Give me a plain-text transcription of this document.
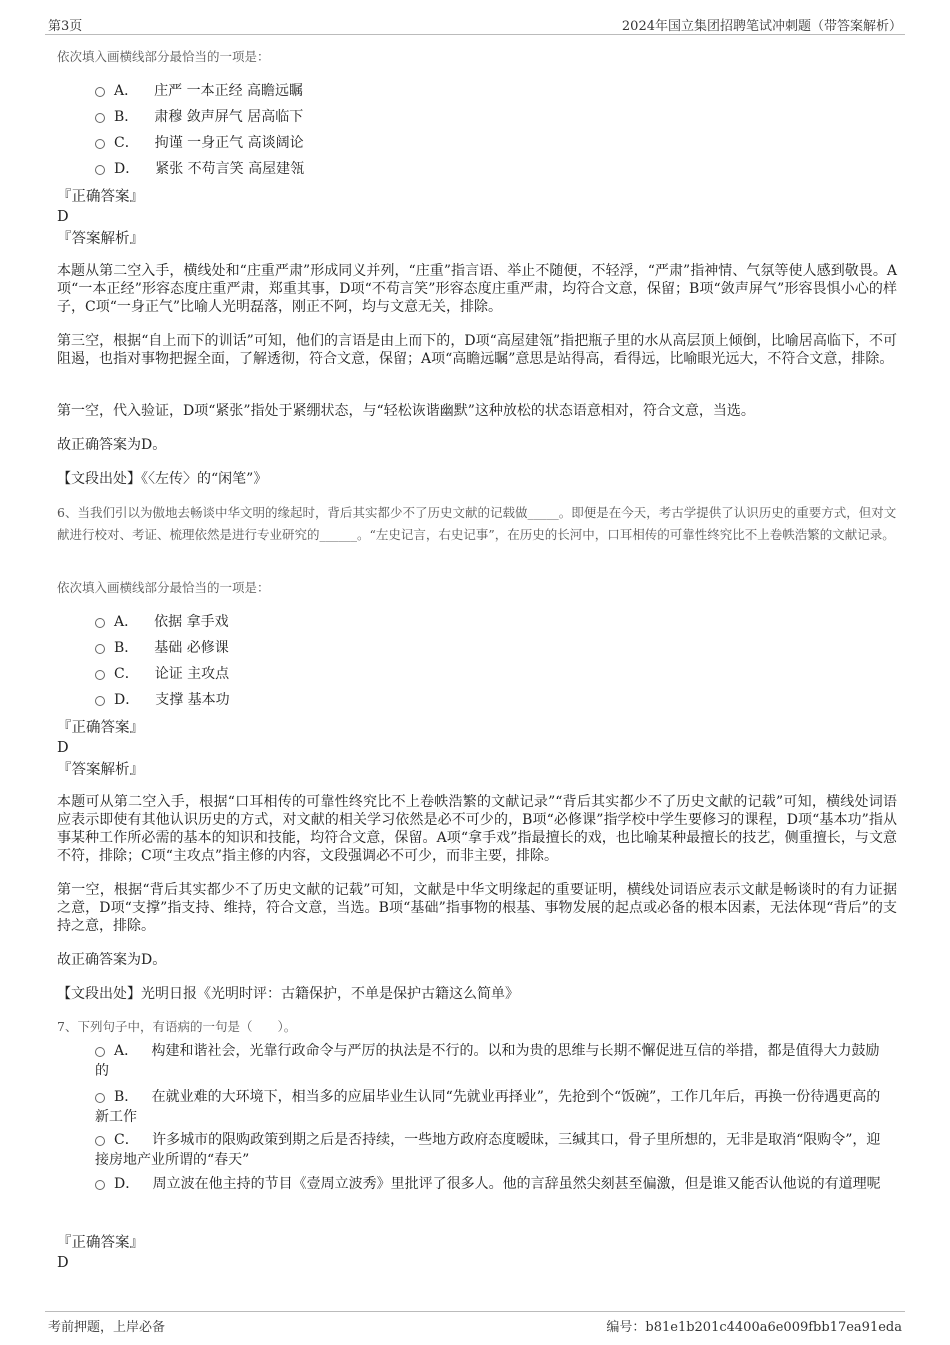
第3页	2024年国立集团招聘笔试冲刺题（带答案解析）
依次填入画横线部分最恰当的一项是：
A． 庄严 一本正经 高瞻远瞩
B． 肃穆 敛声屏气 居高临下
C． 拘谨 一身正气 高谈阔论
D． 紧张 不苟言笑 高屋建瓴
『正确答案』
D
『答案解析』
本题从第二空入手，横线处和“庄重严肃”形成同义并列，“庄重”指言语、举止不随便，不轻浮，“严肃”指神情、气氛等使人感到敬畏。A项“一本正经”形容态度庄重严肃，郑重其事，D项“不苟言笑”形容态度庄重严肃，均符合文意，保留；B项“敛声屏气”形容畏惧小心的样子，C项“一身正气”比喻人光明磊落，刚正不阿，均与文意无关，排除。
第三空，根据“自上而下的训话”可知，他们的言语是由上而下的，D项“高屋建瓴”指把瓶子里的水从高层顶上倾倒，比喻居高临下，不可阻遏，也指对事物把握全面，了解透彻，符合文意，保留；A项“高瞻远瞩”意思是站得高，看得远，比喻眼光远大，不符合文意，排除。
第一空，代入验证，D项“紧张”指处于紧绷状态，与“轻松诙谐幽默”这种放松的状态语意相对，符合文意，当选。
故正确答案为D。
【文段出处】《〈左传〉的“闲笔”》
6、当我们引以为傲地去畅谈中华文明的缘起时，背后其实都少不了历史文献的记载做_____。即便是在今天，考古学提供了认识历史的重要方式，但对文献进行校对、考证、梳理依然是进行专业研究的______。“左史记言，右史记事”，在历史的长河中，口耳相传的可靠性终究比不上卷帙浩繁的文献记录。
依次填入画横线部分最恰当的一项是：
A． 依据 拿手戏
B． 基础 必修课
C． 论证 主攻点
D． 支撑 基本功
『正确答案』
D
『答案解析』
本题可从第二空入手，根据“口耳相传的可靠性终究比不上卷帙浩繁的文献记录”“背后其实都少不了历史文献的记载”可知，横线处词语应表示即使有其他认识历史的方式，对文献的相关学习依然是必不可少的，B项“必修课”指学校中学生要修习的课程，D项“基本功”指从事某种工作所必需的基本的知识和技能，均符合文意，保留。A项“拿手戏”指最擅长的戏，也比喻某种最擅长的技艺，侧重擅长，与文意不符，排除；C项“主攻点”指主修的内容，文段强调必不可少，而非主要，排除。
第一空，根据“背后其实都少不了历史文献的记载”可知，文献是中华文明缘起的重要证明，横线处词语应表示文献是畅谈时的有力证据之意，D项“支撑”指支持、维持，符合文意，当选。B项“基础”指事物的根基、事物发展的起点或必备的根本因素，无法体现“背后”的支持之意，排除。
故正确答案为D。
【文段出处】光明日报《光明时评：古籍保护，不单是保护古籍这么简单》
7、下列句子中，有语病的一句是（　　）。
A． 构建和谐社会，光靠行政命令与严厉的执法是不行的。以和为贵的思维与长期不懈促进互信的举措，都是值得大力鼓励的
B． 在就业难的大环境下，相当多的应届毕业生认同“先就业再择业”，先抢到个“饭碗”，工作几年后，再换一份待遇更高的新工作
C． 许多城市的限购政策到期之后是否持续，一些地方政府态度暧昧，三缄其口，骨子里所想的，无非是取消“限购令”，迎接房地产业所谓的“春天”
D． 周立波在他主持的节目《壹周立波秀》里批评了很多人。他的言辞虽然尖刻甚至偏激，但是谁又能否认他说的有道理呢
『正确答案』
D
考前押题，上岸必备	编号：b81e1b201c4400a6e009fbb17ea91eda
